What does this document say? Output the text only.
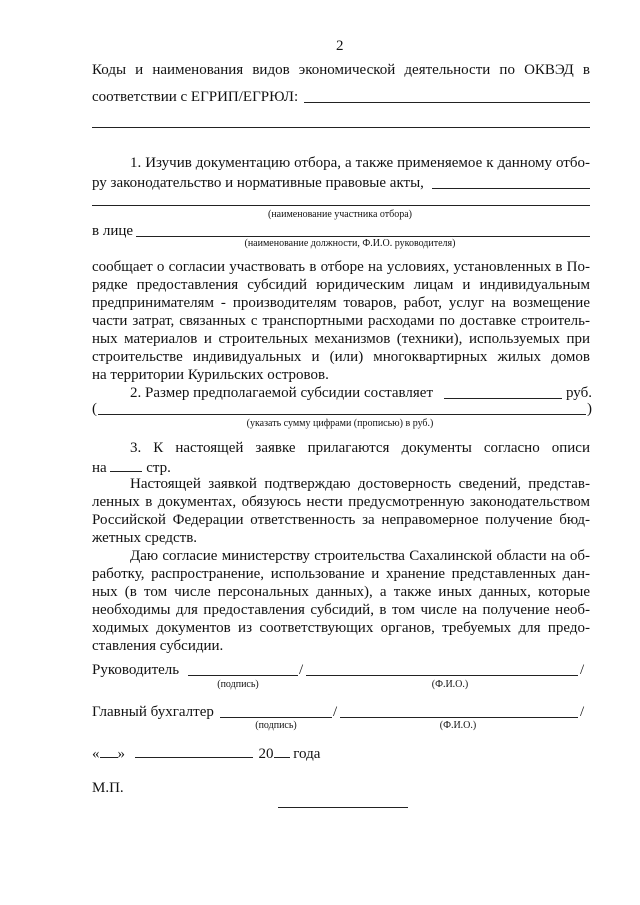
2
Коды и наименования видов экономической деятельности по ОКВЭД в
соответствии с ЕГРИП/ЕГРЮЛ:
1. Изучив документацию отбора, а также применяемое к данному отбо-
ру законодательство и нормативные правовые акты,
(наименование участника отбора)
в лице
(наименование должности, Ф.И.О. руководителя)
сообщает о согласии участвовать в отборе на условиях, установленных в По-
рядке предоставления субсидий юридическим лицам и индивидуальным
предпринимателям - производителям товаров, работ, услуг на возмещение
части затрат, связанных с транспортными расходами по доставке строитель-
ных материалов и строительных механизмов (техники), используемых при
строительстве индивидуальных и (или) многоквартирных жилых домов
на территории Курильских островов.
2. Размер предполагаемой субсидии составляет	руб.
(	)
(указать сумму цифрами (прописью) в руб.)
3. К настоящей заявке прилагаются документы согласно описи
на	стр.
Настоящей заявкой подтверждаю достоверность сведений, представ-
ленных в документах, обязуюсь нести предусмотренную законодательством
Российской Федерации ответственность за неправомерное получение бюд-
жетных средств.
Даю согласие министерству строительства Сахалинской области на об-
работку, распространение, использование и хранение представленных дан-
ных (в том числе персональных данных), а также иных данных, которые
необходимы для предоставления субсидий, в том числе на получение необ-
ходимых документов из соответствующих органов, требуемых для предо-
ставления субсидии.
Руководитель	/	/
(подпись)	(Ф.И.О.)
Главный бухгалтер	/	/
(подпись)	(Ф.И.О.)
« »	20 года
М.П.
